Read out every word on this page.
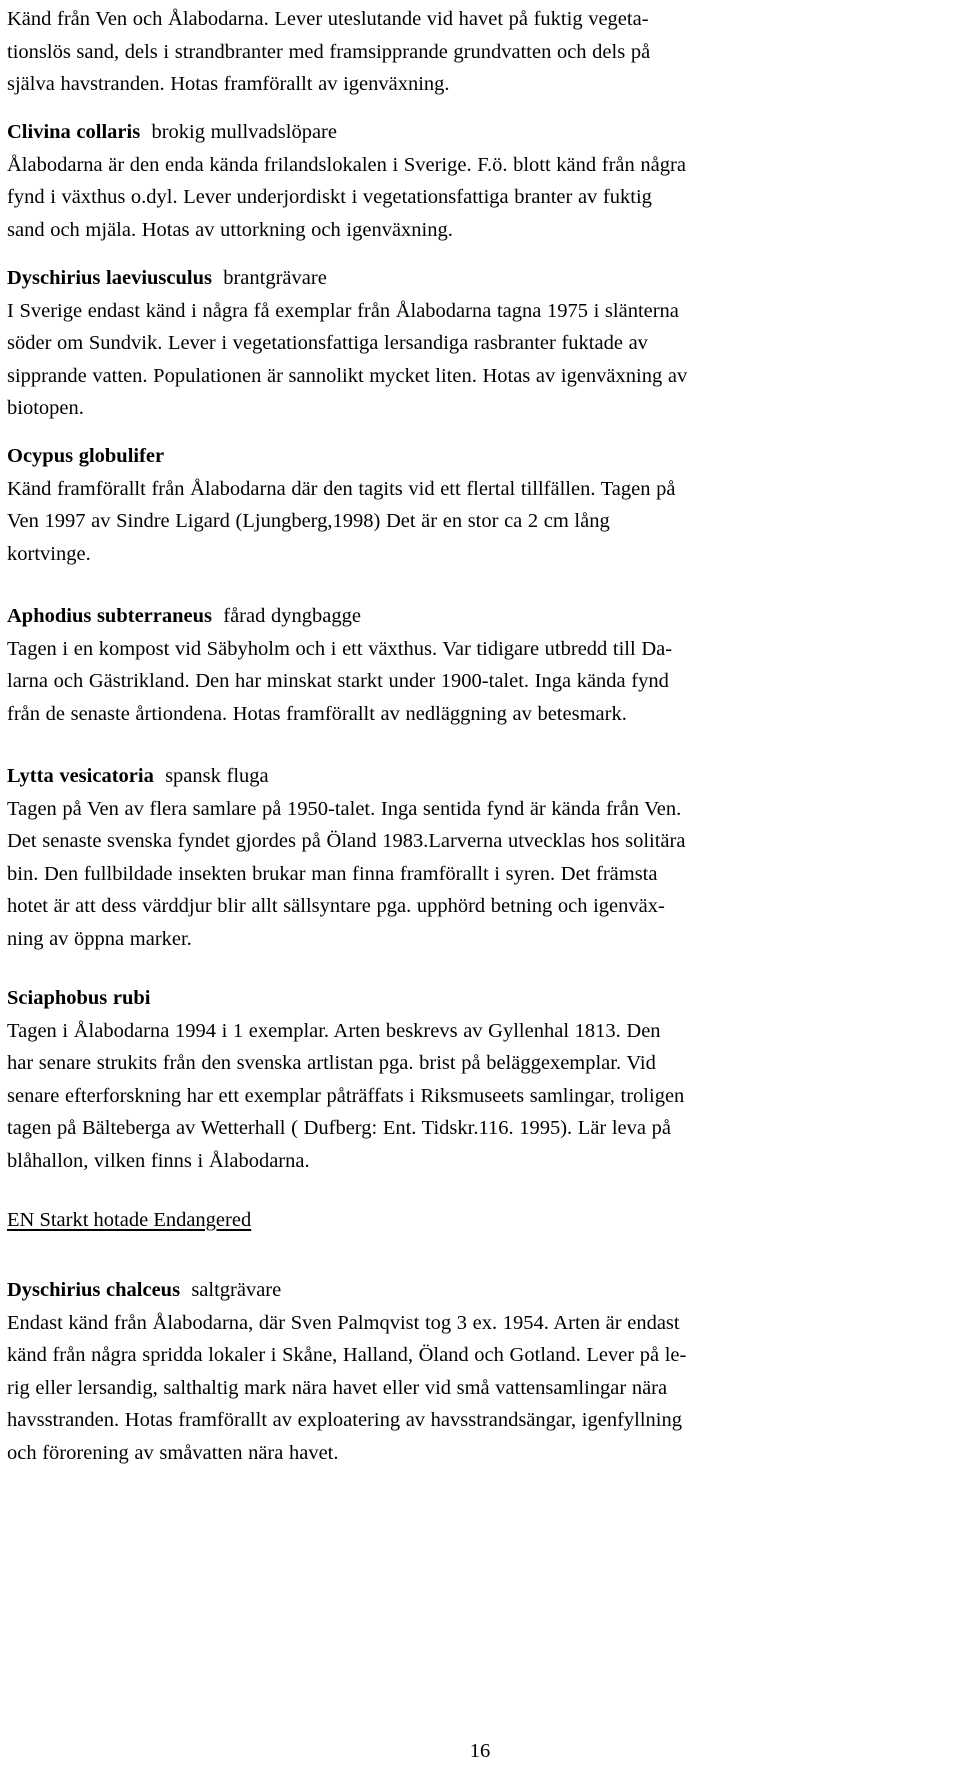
Känd från Ven och Ålabodarna. Lever uteslutande vid havet på fuktig vegeta-
tionslös sand, dels i strandbranter med framsipprande grundvatten och dels på
själva havstranden. Hotas framförallt av igenväxning.
Clivina collaris brokig mullvadslöpare
Ålabodarna är den enda kända frilandslokalen i Sverige. F.ö. blott känd från några
fynd i växthus o.dyl. Lever underjordiskt i vegetationsfattiga branter av fuktig
sand och mjäla. Hotas av uttorkning och igenväxning.
Dyschirius laeviusculus brantgrävare
I Sverige endast känd i några få exemplar från Ålabodarna tagna 1975 i slänterna
söder om Sundvik. Lever i vegetationsfattiga lersandiga rasbranter fuktade av
sipprande vatten. Populationen är sannolikt mycket liten. Hotas av igenväxning av
biotopen.
Ocypus globulifer
Känd framförallt från Ålabodarna där den tagits vid ett flertal tillfällen. Tagen på
Ven 1997 av Sindre Ligard (Ljungberg,1998) Det är en stor ca 2 cm lång
kortvinge.
Aphodius subterraneus fårad dyngbagge
Tagen i en kompost vid Säbyholm och i ett växthus. Var tidigare utbredd till Da-
larna och Gästrikland. Den har minskat starkt under 1900-talet. Inga kända fynd
från de senaste årtiondena. Hotas framförallt av nedläggning av betesmark.
Lytta vesicatoria spansk fluga
Tagen på Ven av flera samlare på 1950-talet. Inga sentida fynd är kända från Ven.
Det senaste svenska fyndet gjordes på Öland 1983.Larverna utvecklas hos solitära
bin. Den fullbildade insekten brukar man finna framförallt i syren. Det främsta
hotet är att dess värddjur blir allt sällsyntare pga. upphörd betning och igenväx-
ning av öppna marker.
Sciaphobus rubi
Tagen i Ålabodarna 1994 i 1 exemplar. Arten beskrevs av Gyllenhal 1813. Den
har senare strukits från den svenska artlistan pga. brist på beläggexemplar. Vid
senare efterforskning har ett exemplar påträffats i Riksmuseets samlingar, troligen
tagen på Bälteberga av Wetterhall ( Dufberg: Ent. Tidskr.116. 1995). Lär leva på
blåhallon, vilken finns i Ålabodarna.
EN Starkt hotade Endangered
Dyschirius chalceus saltgrävare
Endast känd från Ålabodarna, där Sven Palmqvist tog 3 ex. 1954. Arten är endast
känd från några spridda lokaler i Skåne, Halland, Öland och Gotland. Lever på le-
rig eller lersandig, salthaltig mark nära havet eller vid små vattensamlingar nära
havsstranden. Hotas framförallt av exploatering av havsstrandsängar, igenfyllning
och förorening av småvatten nära havet.
16
